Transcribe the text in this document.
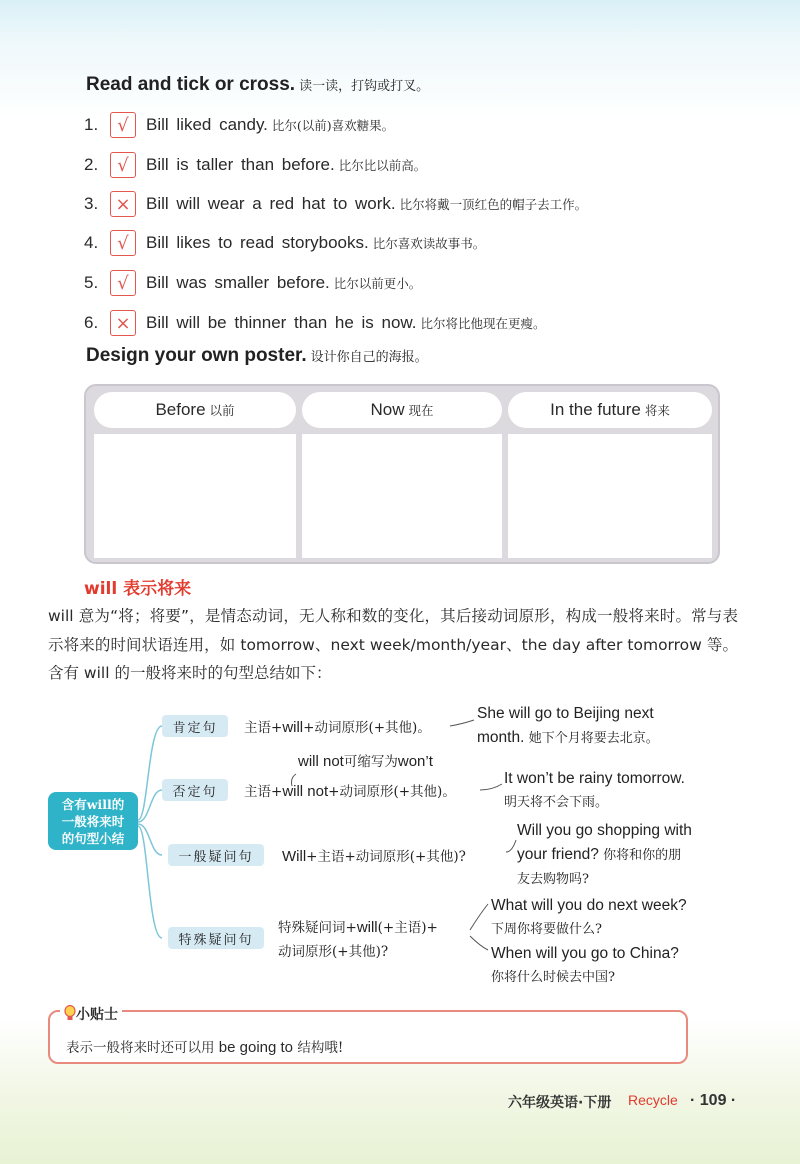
Read and tick or cross. 读一读，打钩或打叉。
1.	√	Bill liked candy. 比尔(以前)喜欢糖果。
2.	√	Bill is taller than before. 比尔比以前高。
3. × Bill will wear a red hat to work. 比尔将戴一顶红色的帽子去工作。
4.	√	Bill likes to read storybooks. 比尔喜欢读故事书。
5.	√	Bill was smaller before. 比尔以前更小。
6. × Bill will be thinner than he is now. 比尔将比他现在更瘦。
Design your own poster. 设计你自己的海报。
Before 以前	Now 现在	In the future 将来
will 表示将来
will 意为“将；将要”，是情态动词，无人称和数的变化，其后接动词原形，构成一般将来时。常与表示将来的时间状语连用，如 tomorrow、next week/month/year、the day after tomorrow 等。含有 will 的一般将来时的句型总结如下：
含有will的
一般将来时
的句型小结
肯定句	主语+will+动词原形(+其他)。
She will go to Beijing next
month. 她下个月将要去北京。
will not可缩写为won’t
否定句	主语+will not+动词原形(+其他)。
It won’t be rainy tomorrow.
明天将不会下雨。
一般疑问句	Will+主语+动词原形(+其他)?
Will you go shopping with
your friend? 你将和你的朋
友去购物吗?
特殊疑问句
特殊疑问词+will(+主语)+
动词原形(+其他)?
What will you do next week?
下周你将要做什么?
When will you go to China?
你将什么时候去中国?
小贴士
表示一般将来时还可以用 be going to 结构哦!
六年级英语·下册 Recycle · 109 ·
